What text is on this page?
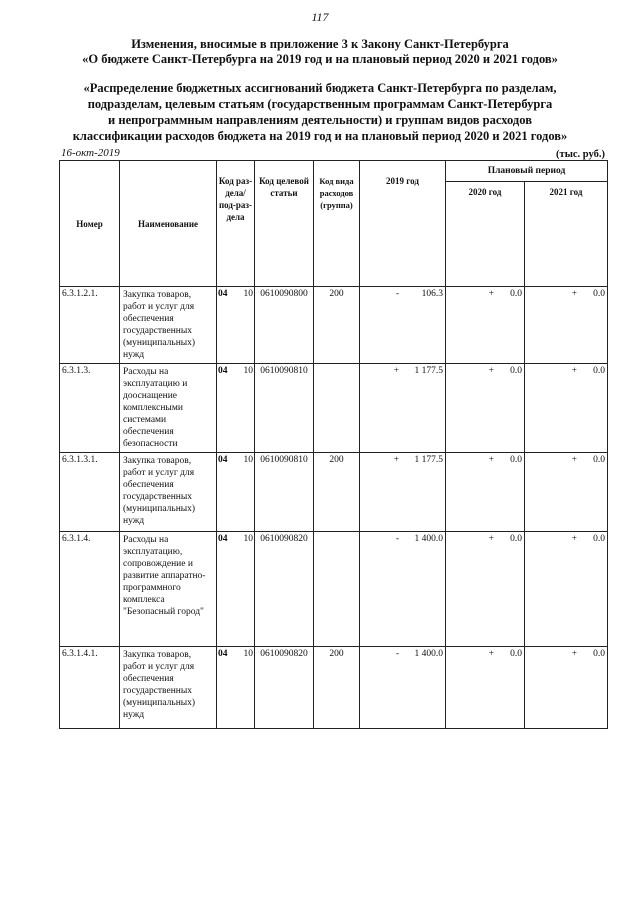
117
Изменения, вносимые в приложение 3 к Закону Санкт-Петербурга
«О бюджете Санкт-Петербурга на 2019 год и на плановый период 2020 и 2021 годов»
«Распределение бюджетных ассигнований бюджета Санкт-Петербурга по разделам,
подразделам, целевым статьям (государственным программам Санкт-Петербурга
и непрограммным направлениям деятельности) и группам видов расходов
классификации расходов бюджета на 2019 год и на плановый период 2020 и 2021 годов»
16-окт-2019	(тыс. руб.)
Номер	Наименование	Код раз-дела/ под-раз-дела	Код целевой статьи	Код вида расходов (группа)	2019 год	Плановый период	
						2020 год	2021 год
6.3.1.2.1.	Закупка товаров, работ и услуг для обеспечения государственных (муниципальных) нужд	04 10	0610090800	200	- 106.3	+ 0.0	+ 0.0

6.3.1.3.	Расходы на эксплуатацию и дооснащение комплексными системами обеспечения безопасности	04 10	0610090810		+ 1 177.5	+ 0.0	+ 0.0

6.3.1.3.1.	Закупка товаров, работ и услуг для обеспечения государственных (муниципальных) нужд	04 10	0610090810	200	+ 1 177.5	+ 0.0	+ 0.0

6.3.1.4.	Расходы на эксплуатацию, сопровождение и развитие аппаратно-программного комплекса "Безопасный город"	04 10	0610090820		- 1 400.0	+ 0.0	+ 0.0

6.3.1.4.1.	Закупка товаров, работ и услуг для обеспечения государственных (муниципальных) нужд	04 10	0610090820	200	- 1 400.0	+ 0.0	+ 0.0
